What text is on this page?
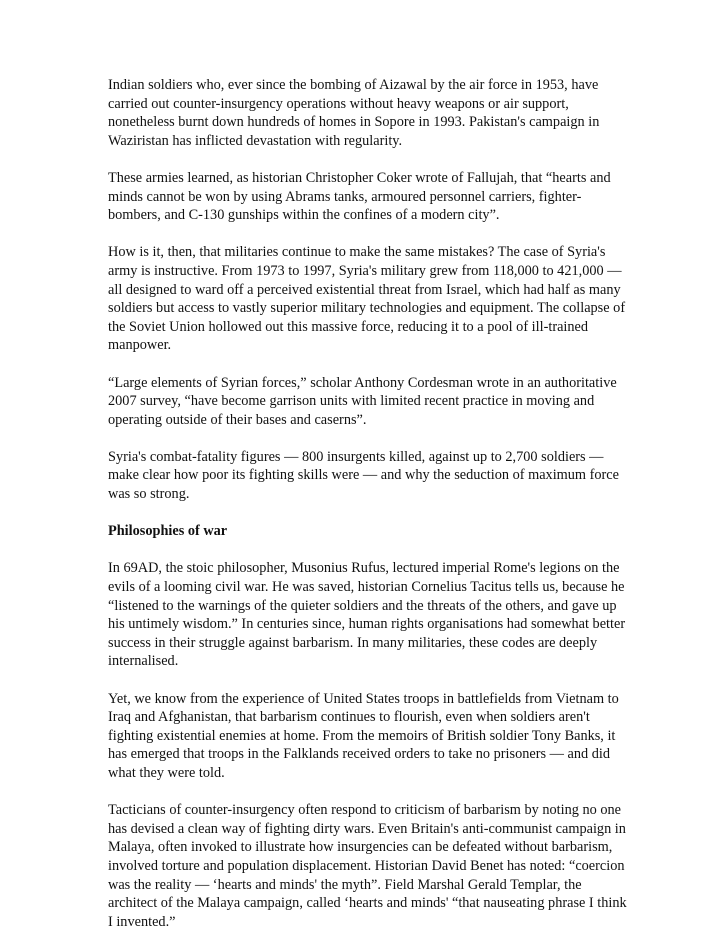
Indian soldiers who, ever since the bombing of Aizawal by the air force in 1953, have carried out counter-insurgency operations without heavy weapons or air support, nonetheless burnt down hundreds of homes in Sopore in 1993. Pakistan's campaign in Waziristan has inflicted devastation with regularity.

These armies learned, as historian Christopher Coker wrote of Fallujah, that “hearts and minds cannot be won by using Abrams tanks, armoured personnel carriers, fighter-bombers, and C-130 gunships within the confines of a modern city”.

How is it, then, that militaries continue to make the same mistakes? The case of Syria's army is instructive. From 1973 to 1997, Syria's military grew from 118,000 to 421,000 — all designed to ward off a perceived existential threat from Israel, which had half as many soldiers but access to vastly superior military technologies and equipment. The collapse of the Soviet Union hollowed out this massive force, reducing it to a pool of ill-trained manpower.

“Large elements of Syrian forces,” scholar Anthony Cordesman wrote in an authoritative 2007 survey, “have become garrison units with limited recent practice in moving and operating outside of their bases and caserns”.

Syria's combat-fatality figures — 800 insurgents killed, against up to 2,700 soldiers — make clear how poor its fighting skills were — and why the seduction of maximum force was so strong.

Philosophies of war

In 69AD, the stoic philosopher, Musonius Rufus, lectured imperial Rome's legions on the evils of a looming civil war. He was saved, historian Cornelius Tacitus tells us, because he “listened to the warnings of the quieter soldiers and the threats of the others, and gave up his untimely wisdom.” In centuries since, human rights organisations had somewhat better success in their struggle against barbarism. In many militaries, these codes are deeply internalised.

Yet, we know from the experience of United States troops in battlefields from Vietnam to Iraq and Afghanistan, that barbarism continues to flourish, even when soldiers aren't fighting existential enemies at home. From the memoirs of British soldier Tony Banks, it has emerged that troops in the Falklands received orders to take no prisoners — and did what they were told.

Tacticians of counter-insurgency often respond to criticism of barbarism by noting no one has devised a clean way of fighting dirty wars. Even Britain's anti-communist campaign in Malaya, often invoked to illustrate how insurgencies can be defeated without barbarism, involved torture and population displacement. Historian David Benet has noted: “coercion was the reality — ‘hearts and minds' the myth”. Field Marshal Gerald Templar, the architect of the Malaya campaign, called ‘hearts and minds' “that nauseating phrase I think I invented.”
